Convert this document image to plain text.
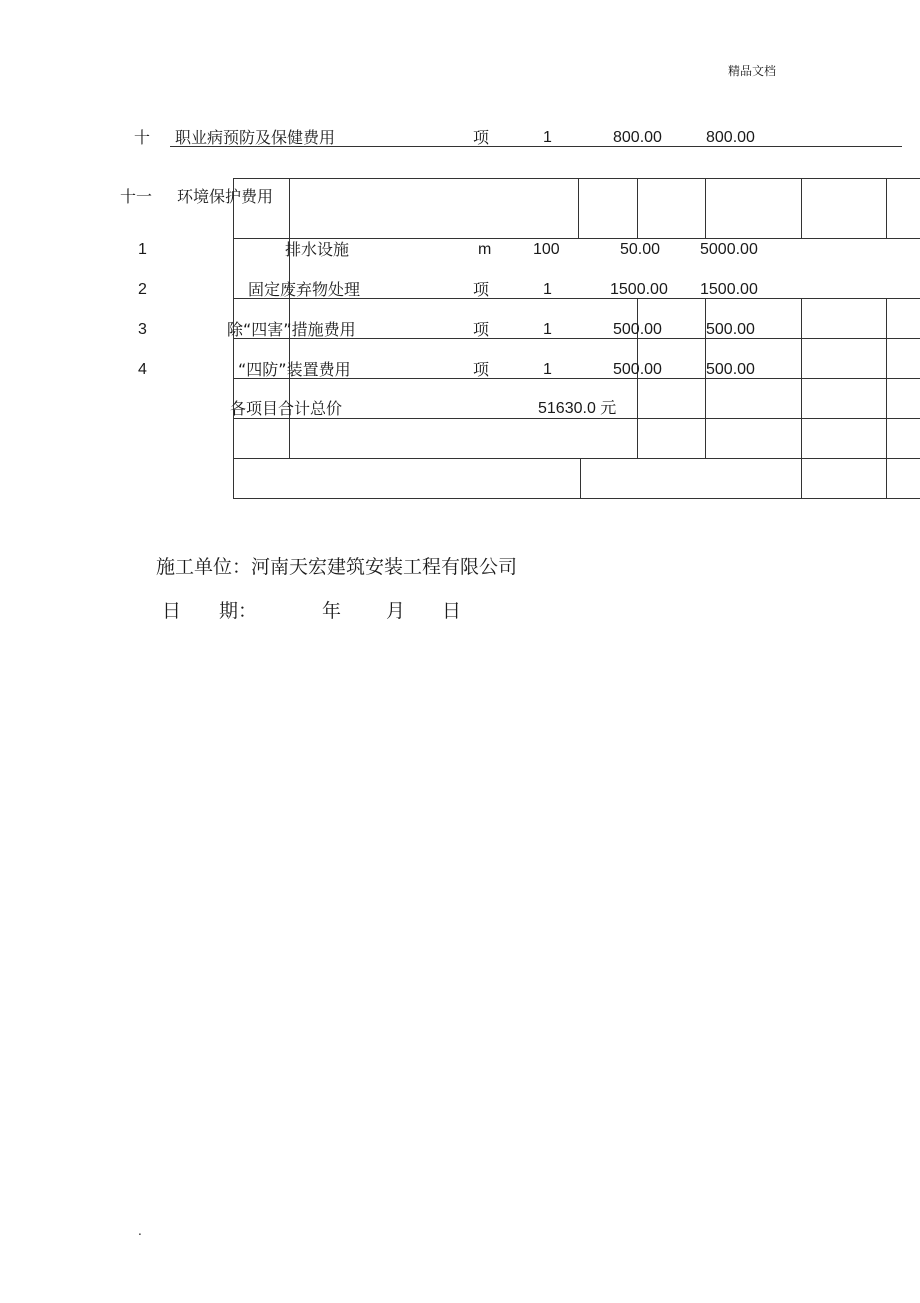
精品文档
十 职业病预防及保健费用	项	1	800.00	800.00
十一 环境保护费用
1	排水设施	m	100	50.00 5000.00
2	固定废弃物处理	项	1	1500.00 1500.00
3	除“四害”措施费用	项	1	500.00	500.00
4	“四防”装置费用	项	1	500.00	500.00
各项目合计总价	51630.0 元
施工单位：河南天宏建筑安装工程有限公司
日　　期：	年 月 日
.
